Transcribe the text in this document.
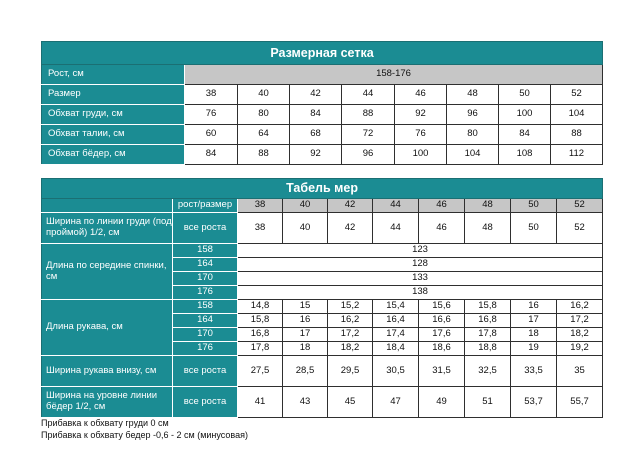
Размерная сетка								
Рост, см	158-176							
Размер	38	40	42	44	46	48	50	52
Обхват груди, см	76	80	84	88	92	96	100	104
Обхват талии, см	60	64	68	72	76	80	84	88
Обхват бёдер, см	84	88	92	96	100	104	108	112
Табель мер									
	рост/размер	38	40	42	44	46	48	50	52
Ширина по линии груди (под проймой) 1/2, см	все роста	38	40	42	44	46	48	50	52
Длина по середине спинки, см	158	123							
	164	128							
	170	133							
	176	138							
Длина рукава, см	158	14,8	15	15,2	15,4	15,6	15,8	16	16,2
	164	15,8	16	16,2	16,4	16,6	16,8	17	17,2
	170	16,8	17	17,2	17,4	17,6	17,8	18	18,2
	176	17,8	18	18,2	18,4	18,6	18,8	19	19,2
Ширина рукава внизу, см	все роста	27,5	28,5	29,5	30,5	31,5	32,5	33,5	35
Ширина на уровне линии бёдер 1/2, см	все роста	41	43	45	47	49	51	53,7	55,7
Прибавка к обхвату груди 0 см
Прибавка к обхвату бедер -0,6 - 2 см (минусовая)
